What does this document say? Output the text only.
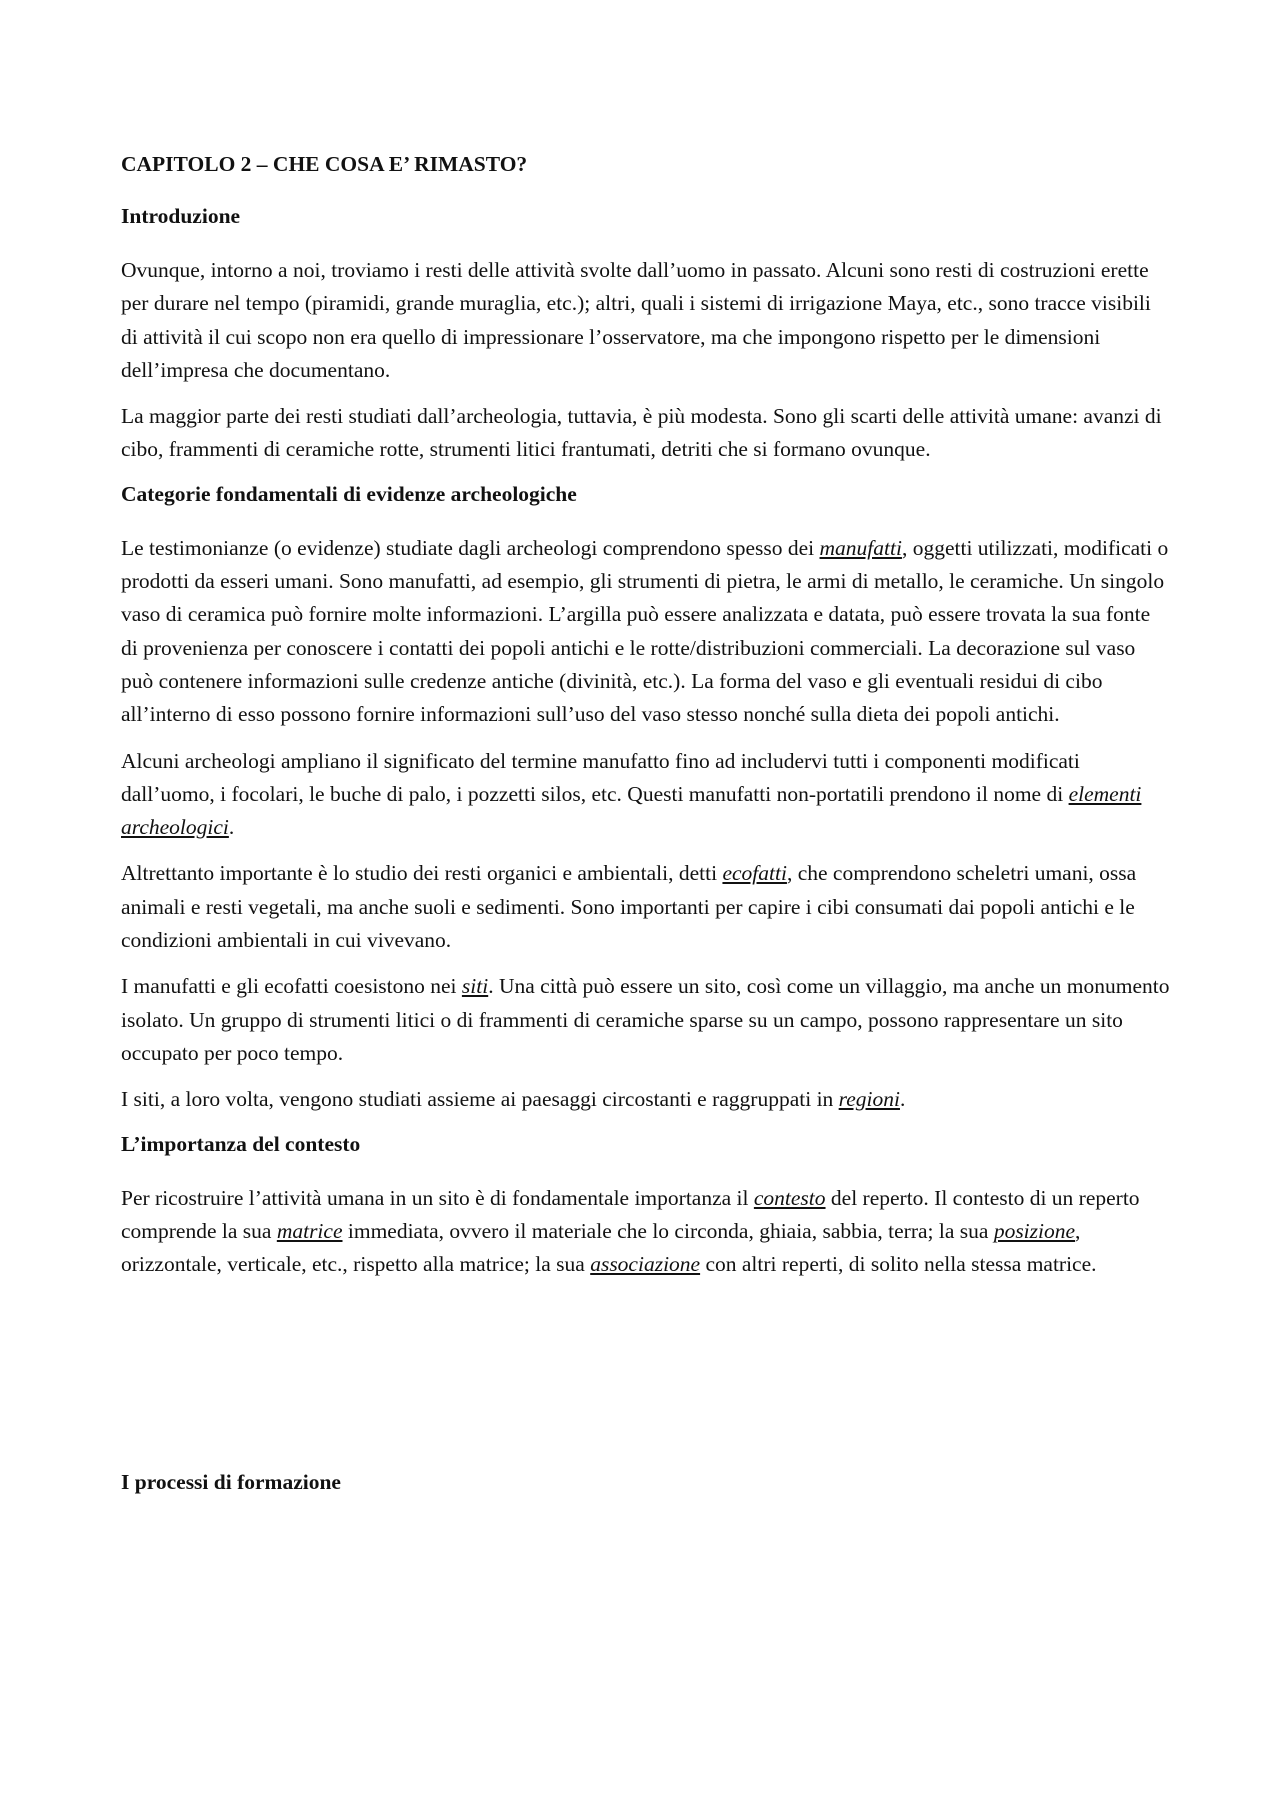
CAPITOLO 2 – CHE COSA E’ RIMASTO?
Introduzione

Ovunque, intorno a noi, troviamo i resti delle attività svolte dall’uomo in passato. Alcuni sono resti di costruzioni erette per durare nel tempo (piramidi, grande muraglia, etc.); altri, quali i sistemi di irrigazione Maya, etc., sono tracce visibili di attività il cui scopo non era quello di impressionare l’osservatore, ma che impongono rispetto per le dimensioni dell’impresa che documentano.

La maggior parte dei resti studiati dall’archeologia, tuttavia, è più modesta. Sono gli scarti delle attività umane: avanzi di cibo, frammenti di ceramiche rotte, strumenti litici frantumati, detriti che si formano ovunque.

Categorie fondamentali di evidenze archeologiche

Le testimonianze (o evidenze) studiate dagli archeologi comprendono spesso dei manufatti, oggetti utilizzati, modificati o prodotti da esseri umani. Sono manufatti, ad esempio, gli strumenti di pietra, le armi di metallo, le ceramiche. Un singolo vaso di ceramica può fornire molte informazioni. L’argilla può essere analizzata e datata, può essere trovata la sua fonte di provenienza per conoscere i contatti dei popoli antichi e le rotte/distribuzioni commerciali. La decorazione sul vaso può contenere informazioni sulle credenze antiche (divinità, etc.). La forma del vaso e gli eventuali residui di cibo all’interno di esso possono fornire informazioni sull’uso del vaso stesso nonché sulla dieta dei popoli antichi.

Alcuni archeologi ampliano il significato del termine manufatto fino ad includervi tutti i componenti modificati dall’uomo, i focolari, le buche di palo, i pozzetti silos, etc. Questi manufatti non-portatili prendono il nome di elementi archeologici.

Altrettanto importante è lo studio dei resti organici e ambientali, detti ecofatti, che comprendono scheletri umani, ossa animali e resti vegetali, ma anche suoli e sedimenti. Sono importanti per capire i cibi consumati dai popoli antichi e le condizioni ambientali in cui vivevano.

I manufatti e gli ecofatti coesistono nei siti. Una città può essere un sito, così come un villaggio, ma anche un monumento isolato. Un gruppo di strumenti litici o di frammenti di ceramiche sparse su un campo, possono rappresentare un sito occupato per poco tempo.

I siti, a loro volta, vengono studiati assieme ai paesaggi circostanti e raggruppati in regioni.

L’importanza del contesto

Per ricostruire l’attività umana in un sito è di fondamentale importanza il contesto del reperto. Il contesto di un reperto comprende la sua matrice immediata, ovvero il materiale che lo circonda, ghiaia, sabbia, terra; la sua posizione, orizzontale, verticale, etc., rispetto alla matrice; la sua associazione con altri reperti, di solito nella stessa matrice.

I processi di formazione
